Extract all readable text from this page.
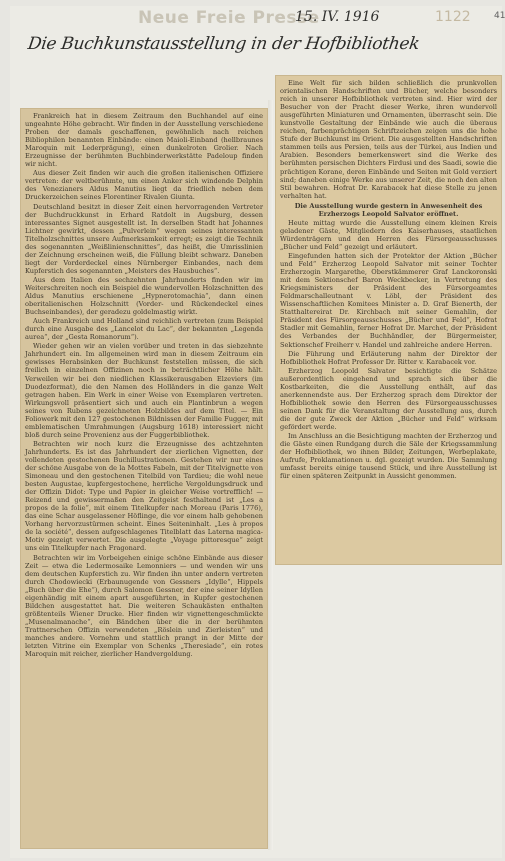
Neue Freie Presse
15. IV. 1916	1122	41
Die Buchkunstausstellung in der Hofbibliothek

Frankreich hat in diesem Zeitraum den Buchhandel auf eine ungeahnte Höhe gebracht. Wir finden in der Ausstellung verschiedene Proben der damals geschaffenen, gewöhnlich nach reichen Bibliophilen benannten Einbände: einen Maioli-Einband (hellbraunes Maroquin mit Lederprägung), einen dunkelroten Grolier. Nach Erzeugnisse der berühmten Buchbinderwerkstätte Padeloup finden wir nicht.

Aus dieser Zeit finden wir auch die großen italienischen Offiziere vertreten: der weltberühmte, um einen Anker sich windende Delphin des Venezianers Aldus Manutius liegt da friedlich neben dem Druckerzeichen seines Florentiner Rivalen Giunta.

Deutschland besitzt in dieser Zeit einen hervorragenden Vertreter der Buchdruckkunst in Erhard Ratdolt in Augsburg, dessen interessantes Signet ausgestellt ist. In derselben Stadt hat Johannes Lichtner gewirkt, dessen „Pulverlein“ wegen seines interessanten Titelholzschnittes unsere Aufmerksamkeit erregt; es zeigt die Technik des sogenannten „Weißlinienschnittes“, das heißt, die Umrisslinien der Zeichnung erscheinen weiß, die Füllung bleibt schwarz. Daneben liegt der Vorderdeckel eines Nürnberger Einbandes, nach dem Kupferstich des sogenannten „Meisters des Hausbuches“.

Aus dem Italien des sechzehnten Jahrhunderts finden wir im Weiterschreiten noch ein Beispiel die wundervollen Holzschnitten des Aldus Manutius erschienene „Hypnerotomachia“, dann einen oberitalienischen Holzschnitt (Vorder- und Rückendeckel eines Buchseinbandes), der geradezu goldelmastig wirkt.

Auch Frankreich und Holland sind reichlich vertreten (zum Beispiel durch eine Ausgabe des „Lancelot du Lac“, der bekannten „Legenda aurea“, der „Gesta Romanorum“).

Wieder gehen wir an vielen vorüber und treten in das siebzehnte Jahrhundert ein. Im allgemeinen wird man in diesem Zeitraum ein gewisses Herabsinken der Buchkunst feststellen müssen, die sich freilich in einzelnen Offizinen noch in beträchtlicher Höhe hält. Verweilen wir bei den niedlichen Klassikerausgaben Elzeviers (im Duodezformat), die den Namen des Holländers in die ganze Welt getragen haben. Ein Werk in einer Weise von Exemplaren vertreten. Wirkungsvoll präsentiert sich und auch ein Plantinbrun a wegen seines von Rubens gezeichneten Holzbildes auf dem Titel. — Ein Foliowerk mit den 127 gestochenen Bildnissen der Familie Fugger, mit emblematischen Umrahmungen (Augsburg 1618) interessiert nicht bloß durch seine Provenienz aus der Fuggerbibliothek.

Betrachten wir noch kurz die Erzeugnisse des achtzehnten Jahrhunderts. Es ist das Jahrhundert der zierlichen Vignetten, der vollendeten gestochenen Buchillustrationen. Gestehen wir nur eines der schöne Ausgabe von de la Mottes Fabeln, mit der Titelvignette von Simoneau und den gestochenen Titelbild von Tardieu; die wohl neue besten Augustae, kupfergestochene, herrliche Vergoldungsdruck und der Offizin Didot: Type und Papier in gleicher Weise vortrefflich! — Reizend und gewissermaßen den Zeitgeist festhaltend ist „Les a propos de la folie“, mit einem Titelkupfer nach Moreau (Paris 1776), das eine Schar ausgelassener Höflinge, die vor einem halb gehobenen Vorhang hervorzustürmen scheint. Eines Seiteninhalt. „Les à propos de la société“, dessen aufgeschlagenes Titelblatt das Laterna magica-Motiv gezeigt verwertet. Die ausgelegte „Voyage pittoresque“ zeigt uns ein Titelkupfer nach Fragonard.

Betrachten wir im Vorbeigehen einige schöne Einbände aus dieser Zeit — etwa die Ledermosaike Lemonniers — und wenden wir uns dem deutschen Kupferstich zu. Wir finden ihn unter andern vertreten durch Chodowiecki (Erbaunugende von Gessners „Idylle“, Hippels „Buch über die Ehe“), durch Salomon Gessner, der eine seiner Idyllen eigenhändig mit einem apart ausgeführten, in Kupfer gestochenen Bildchen ausgestattet hat. Die weiteren Schaukästen enthalten größtenteils Wiener Drucke. Hier finden wir vignettengeschmückte „Musenalmanache“, ein Bändchen über die in der berühmten Trattnerschen Offizin verwendeten „Röslein und Zierleisten“ und manches andere. Vornehm und stattlich prangt in der Mitte der letzten Vitrine ein Exemplar von Schenks „Theresiade“, ein rotes Maroquin mit reicher, zierlicher Handvergoldung.

Eine Welt für sich bilden schließlich die prunkvollen orientalischen Handschriften und Bücher, welche besonders reich in unserer Hofbibliothek vertreten sind. Hier wird der Besucher von der Pracht dieser Werke, ihren wundervoll ausgeführten Miniaturen und Ornamenten, überrascht sein. Die kunstvolle Gestaltung der Einbände wie auch die überaus reichen, farbenprächtigen Schriftzeichen zeigen uns die hohe Stufe der Buchkunst im Orient. Die ausgestellten Handschriften stammen teils aus Persien, teils aus der Türkei, aus Indien und Arabien. Besonders bemerkenswert sind die Werke des berühmten persischen Dichters Firdusi und des Saadi, sowie die prächtigen Korane, deren Einbände und Seiten mit Gold verziert sind; daneben einige Werke aus unserer Zeit, die noch den alten Stil bewahren. Hofrat Dr. Karabacek hat diese Stelle zu jenen verhalten hat.

Die Ausstellung wurde gestern in Anwesenheit des Erzherzogs Leopold Salvator eröffnet.

Heute mittag wurde die Ausstellung einem kleinen Kreis geladener Gäste, Mitgliedern des Kaiserhauses, staatlichen Würdenträgern und den Herren des Fürsorgeausschusses „Bücher und Feld“ gezeigt und erläutert.

Eingefunden hatten sich der Protektor der Aktion „Bücher und Feld“ Erzherzog Leopold Salvator mit seiner Tochter Erzherzogin Margarethe, Oberstkämmerer Graf Lanckoronski mit dem Sektionschef Baron Weckbecker, in Vertretung des Kriegsministers der Präsident des Fürsorgeamtes Feldmarschalleutnant v. Löbl, der Präsident des Wissenschaftlichen Komitees Minister a. D. Graf Bienerth, der Statthaltereirat Dr. Kirchbach mit seiner Gemahlin, der Präsident des Fürsorgeausschusses „Bücher und Feld“, Hofrat Stadler mit Gemahlin, ferner Hofrat Dr. Marchet, der Präsident des Verbandes der Buchhändler, der Bürgermeister, Sektionschef Freiherr v. Handel und zahlreiche andere Herren.

Die Führung und Erläuterung nahm der Direktor der Hofbibliothek Hofrat Professor Dr. Ritter v. Karabacek vor.

Erzherzog Leopold Salvator besichtigte die Schätze außerordentlich eingehend und sprach sich über die Kostbarkeiten, die die Ausstellung enthält, auf das anerkennendste aus. Der Erzherzog sprach dem Direktor der Hofbibliothek sowie den Herren des Fürsorgeausschusses seinen Dank für die Veranstaltung der Ausstellung aus, durch die der gute Zweck der Aktion „Bücher und Feld“ wirksam gefördert werde.

Im Anschluss an die Besichtigung machten der Erzherzog und die Gäste einen Rundgang durch die Säle der Kriegssammlung der Hofbibliothek, wo ihnen Bilder, Zeitungen, Werbeplakate, Aufrufe, Proklamationen u. dgl. gezeigt wurden. Die Sammlung umfasst bereits einige tausend Stück, und ihre Ausstellung ist für einen späteren Zeitpunkt in Aussicht genommen.
